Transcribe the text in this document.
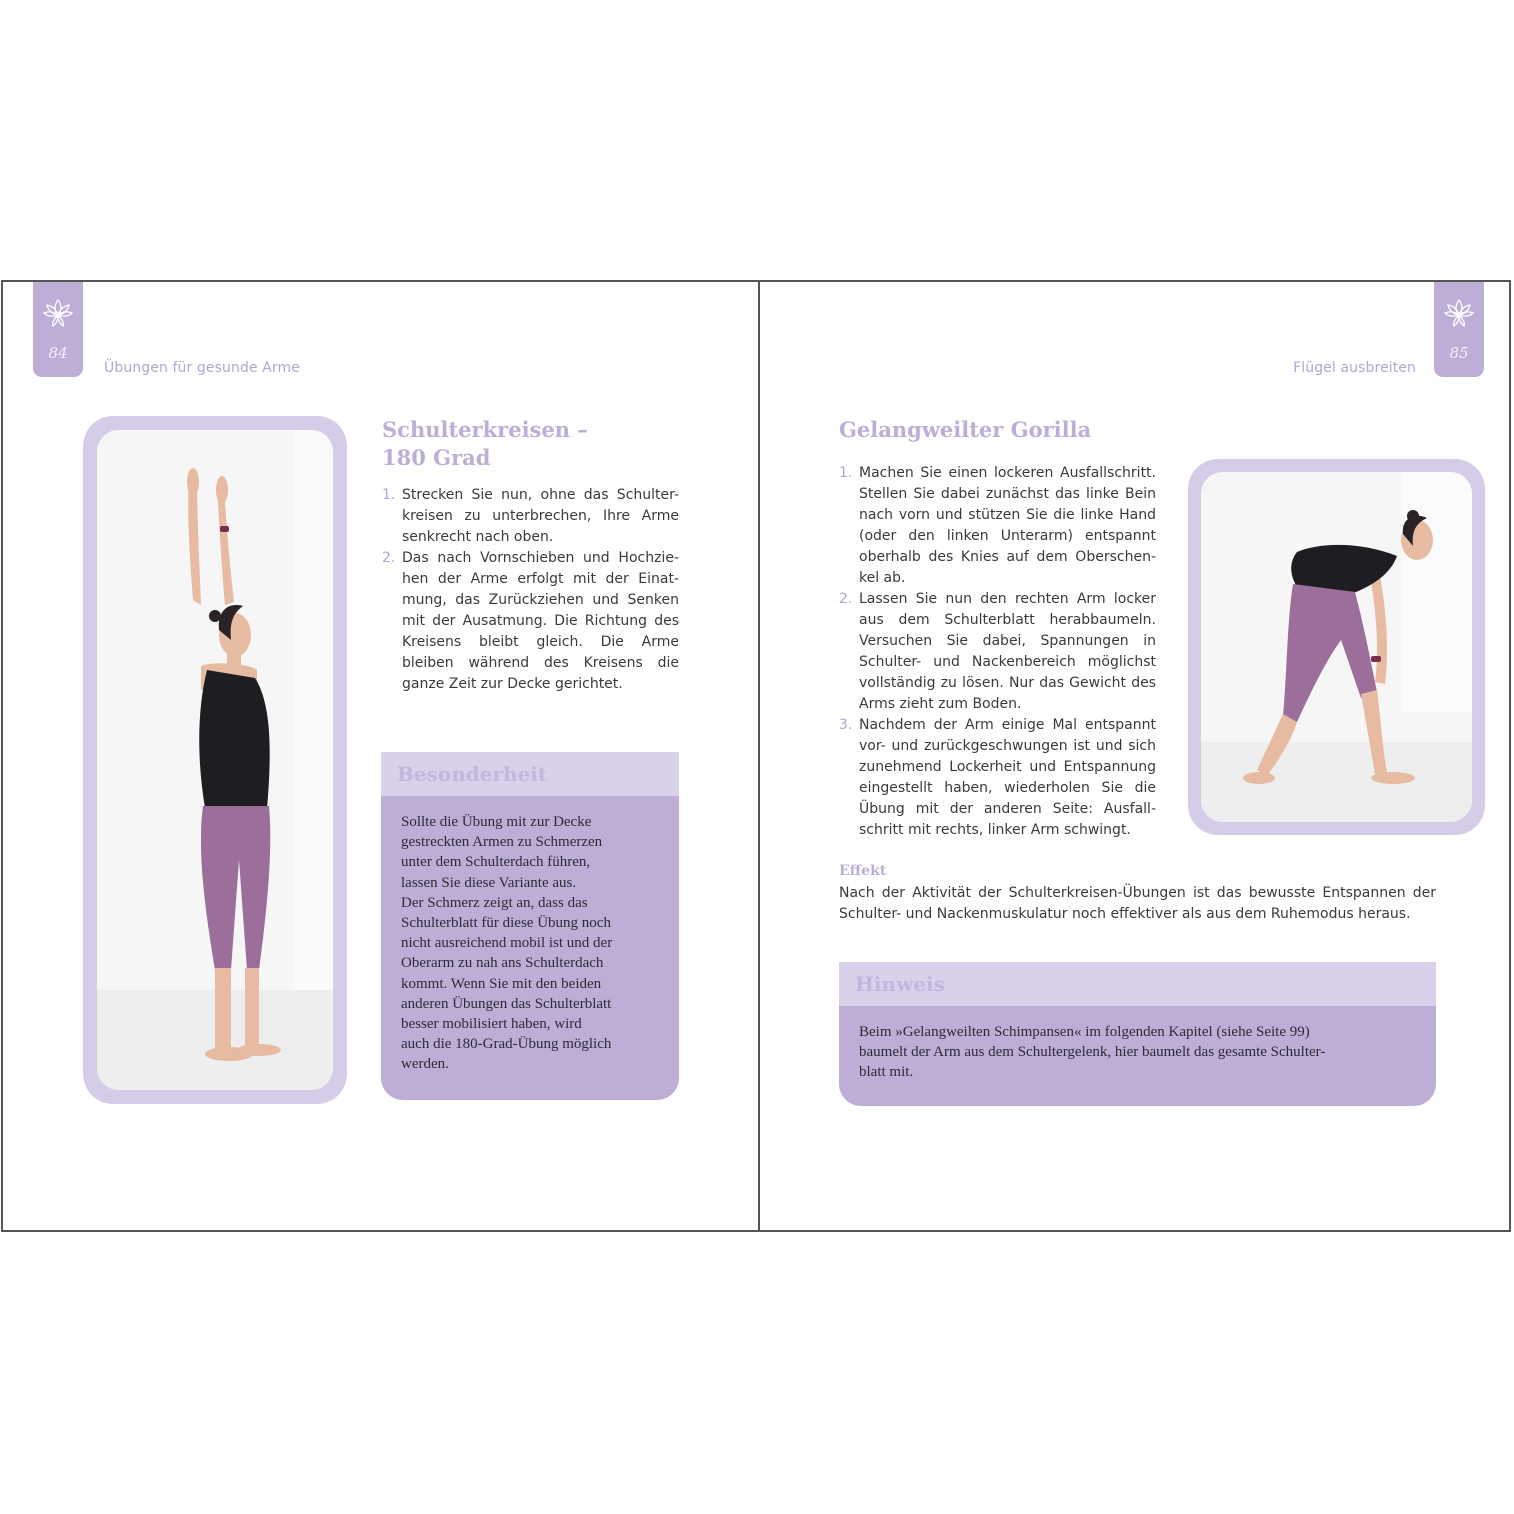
84
Übungen für gesunde Arme
Schulterkreisen –
180 Grad
1. Strecken Sie nun, ohne das Schulter-kreisen zu unterbrechen, Ihre Arme senkrecht nach oben.
2. Das nach Vornschieben und Hochzie-hen der Arme erfolgt mit der Einat-mung, das Zurückziehen und Senken mit der Ausatmung. Die Richtung des Kreisens bleibt gleich. Die Arme bleiben während des Kreisens die ganze Zeit zur Decke gerichtet.
Besonderheit
Sollte die Übung mit zur Decke
gestreckten Armen zu Schmerzen
unter dem Schulterdach führen,
lassen Sie diese Variante aus.
Der Schmerz zeigt an, dass das
Schulterblatt für diese Übung noch
nicht ausreichend mobil ist und der
Oberarm zu nah ans Schulterdach
kommt. Wenn Sie mit den beiden
anderen Übungen das Schulterblatt
besser mobilisiert haben, wird
auch die 180-Grad-Übung möglich
werden.
85
Flügel ausbreiten
Gelangweilter Gorilla
1. Machen Sie einen lockeren Ausfallschritt. Stellen Sie dabei zunächst das linke Bein nach vorn und stützen Sie die linke Hand (oder den linken Unterarm) entspannt oberhalb des Knies auf dem Oberschen-kel ab.
2. Lassen Sie nun den rechten Arm locker aus dem Schulterblatt herabbaumeln. Versuchen Sie dabei, Spannungen in Schulter- und Nackenbereich möglichst vollständig zu lösen. Nur das Gewicht des Arms zieht zum Boden.
3. Nachdem der Arm einige Mal entspannt vor- und zurückgeschwungen ist und sich zunehmend Lockerheit und Entspannung eingestellt haben, wiederholen Sie die Übung mit der anderen Seite: Ausfall-schritt mit rechts, linker Arm schwingt.
Effekt
Nach der Aktivität der Schulterkreisen-Übungen ist das bewusste Entspannen der Schulter- und Nackenmuskulatur noch effektiver als aus dem Ruhemodus heraus.
Hinweis
Beim »Gelangweilten Schimpansen« im folgenden Kapitel (siehe Seite 99)
baumelt der Arm aus dem Schultergelenk, hier baumelt das gesamte Schulter-
blatt mit.
